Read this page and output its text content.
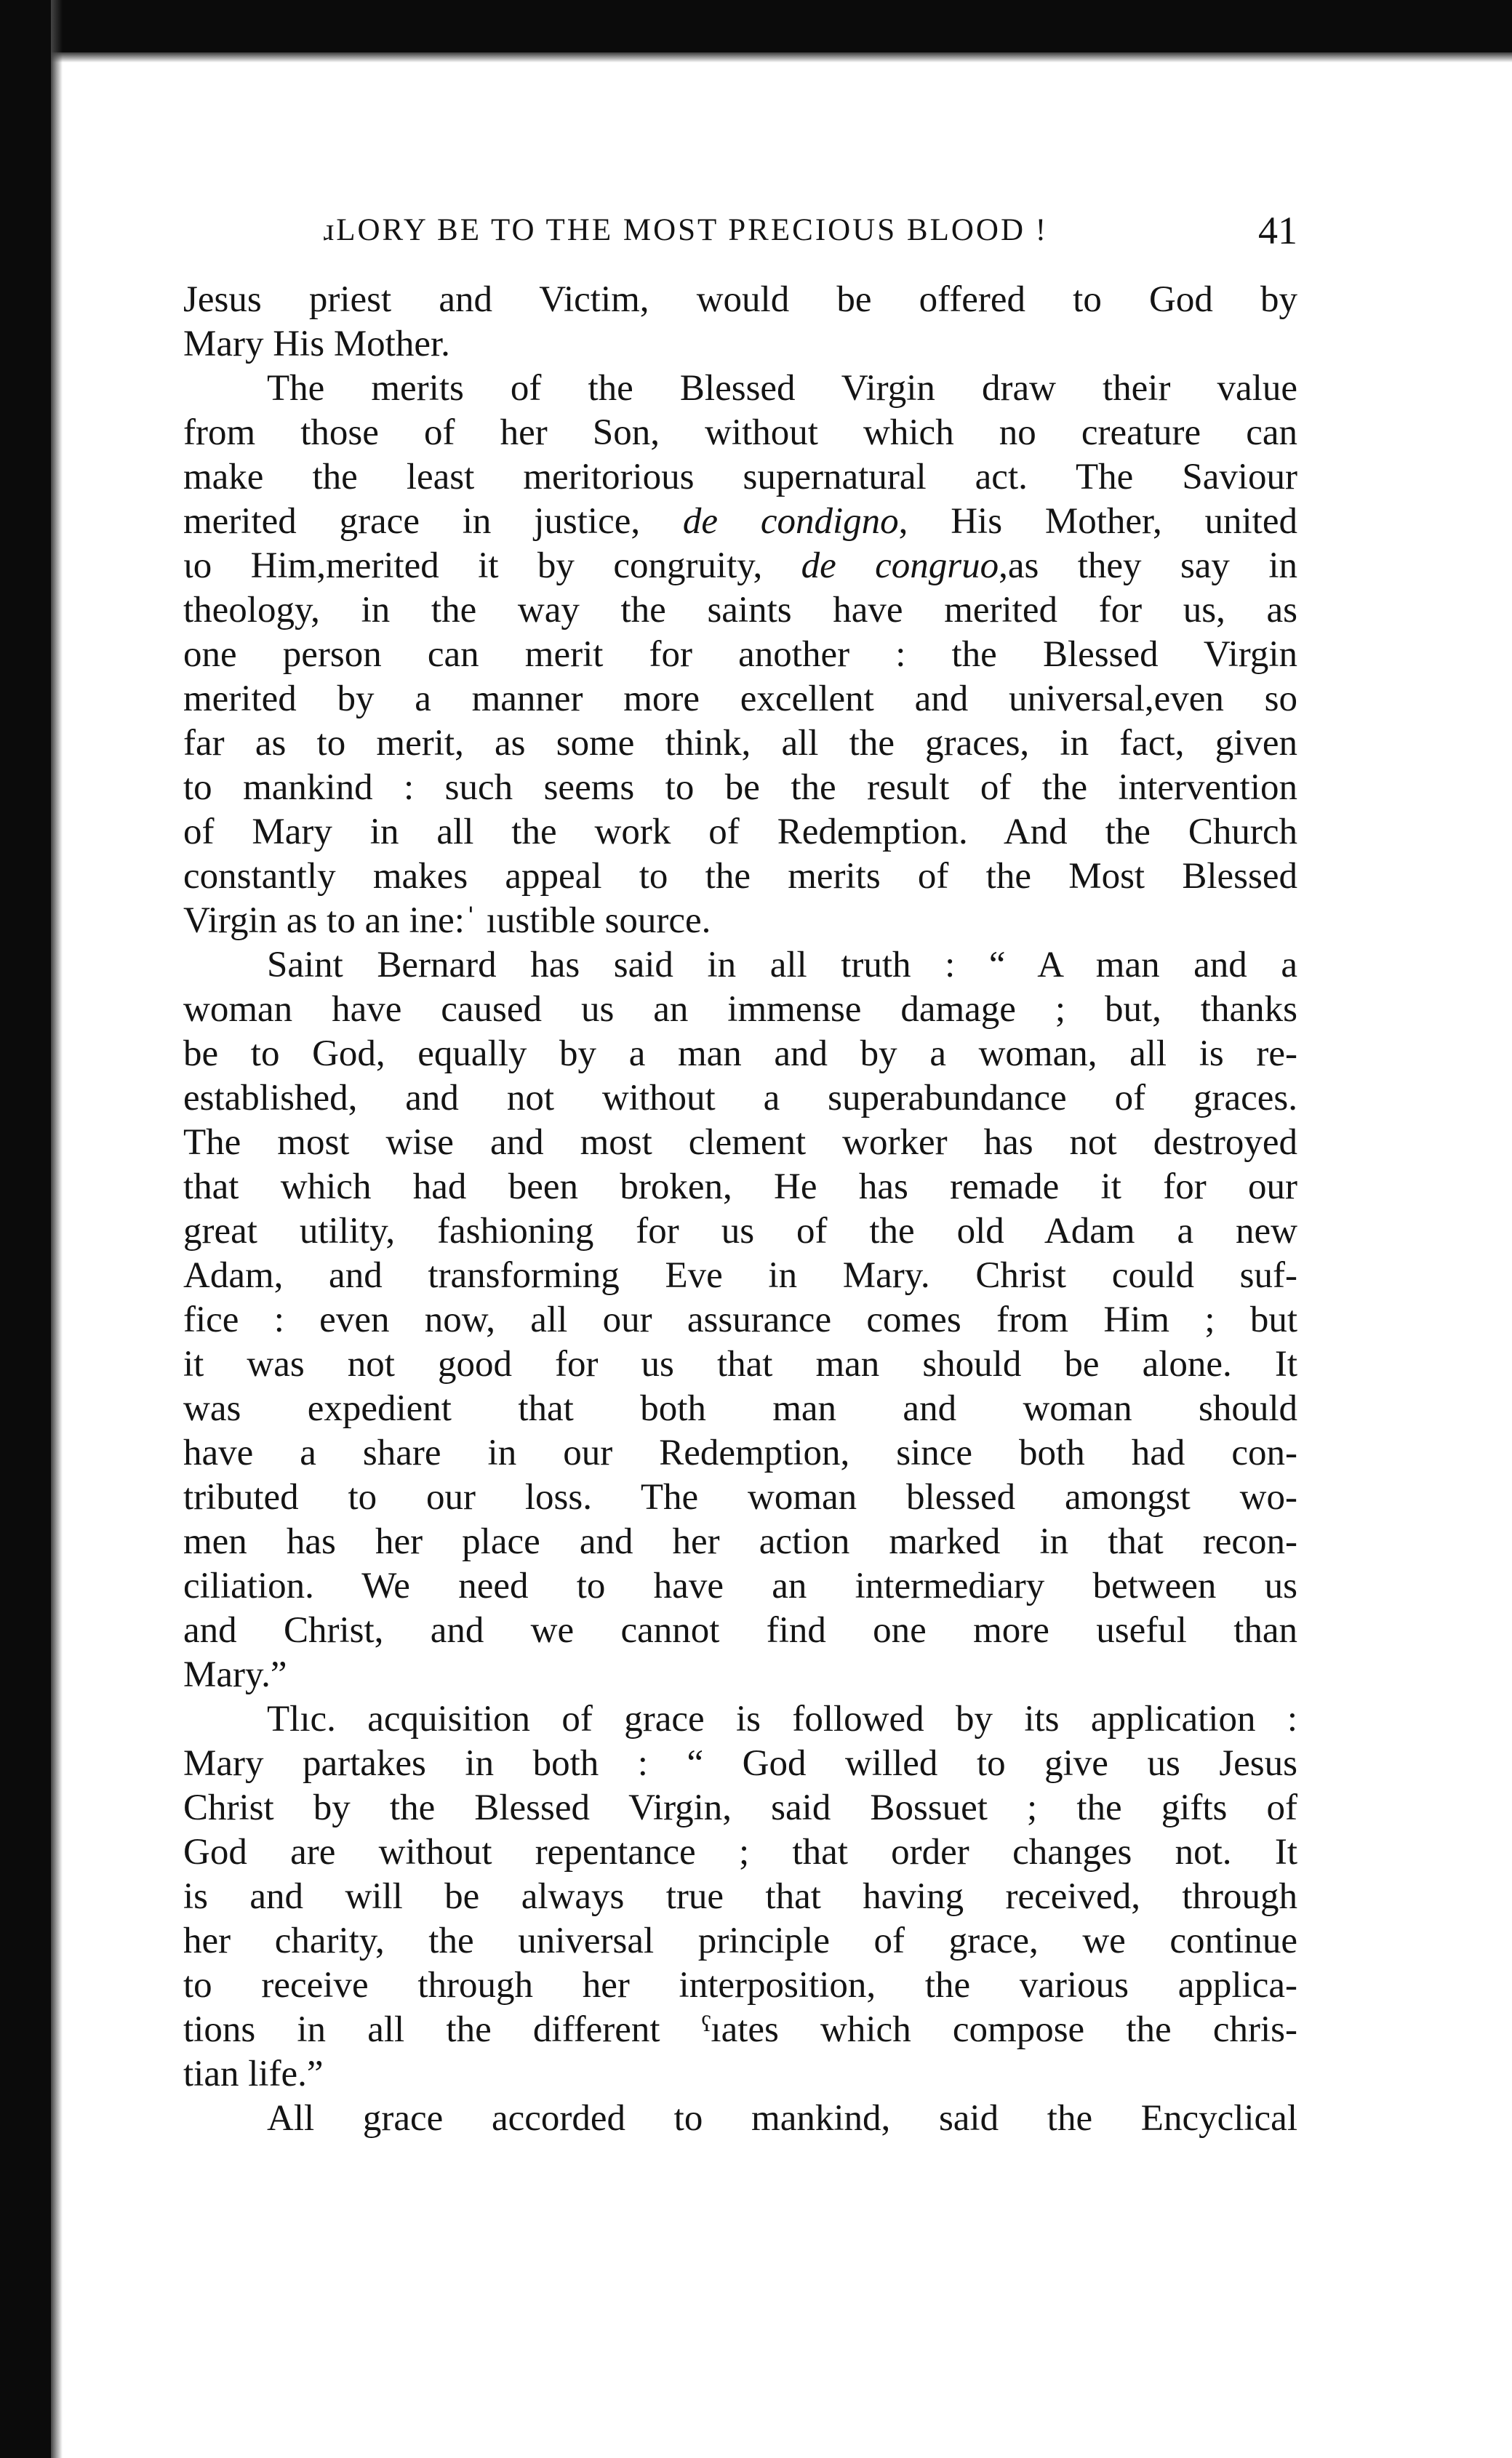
ɹLORY BE TO THE MOST PRECIOUS BLOOD !	41

Jesus priest and Victim, would be offered to God by
Mary His Mother.

The merits of the Blessed Virgin draw their value
from those of her Son, without which no creature can
make the least meritorious supernatural act. The Saviour
merited grace in justice, de condigno, His Mother, united
ɩo Him,merited it by congruity, de congruo,as they say in
theology, in the way the saints have merited for us, as
one person can merit for another : the Blessed Virgin
merited by a manner more excellent and universal,even so
far as to merit, as some think, all the graces, in fact, given
to mankind : such seems to be the result of the intervention
of Mary in all the work of Redemption. And the Church
constantly makes appeal to the merits of the Most Blessed
Virgin as to an ine:ˈ ıustible source.

Saint Bernard has said in all truth : “ A man and a
woman have caused us an immense damage ; but, thanks
be to God, equally by a man and by a woman, all is re-
established, and not without a superabundance of graces.
The most wise and most clement worker has not destroyed
that which had been broken, He has remade it for our
great utility, fashioning for us of the old Adam a new
Adam, and transforming Eve in Mary. Christ could suf-
fice : even now, all our assurance comes from Him ; but
it was not good for us that man should be alone. It
was expedient that both man and woman should
have a share in our Redemption, since both had con-
tributed to our loss. The woman blessed amongst wo-
men has her place and her action marked in that recon-
ciliation. We need to have an intermediary between us
and Christ, and we cannot find one more useful than
Mary.”

Tlıc. acquisition of grace is followed by its application :
Mary partakes in both : “ God willed to give us Jesus
Christ by the Blessed Virgin, said Bossuet ; the gifts of
God are without repentance ; that order changes not. It
is and will be always true that having received, through
her charity, the universal principle of grace, we continue
to receive through her interposition, the various applica-
tions in all the different ˤıates which compose the chris-
tian life.”

All grace accorded to mankind, said the Encyclical
